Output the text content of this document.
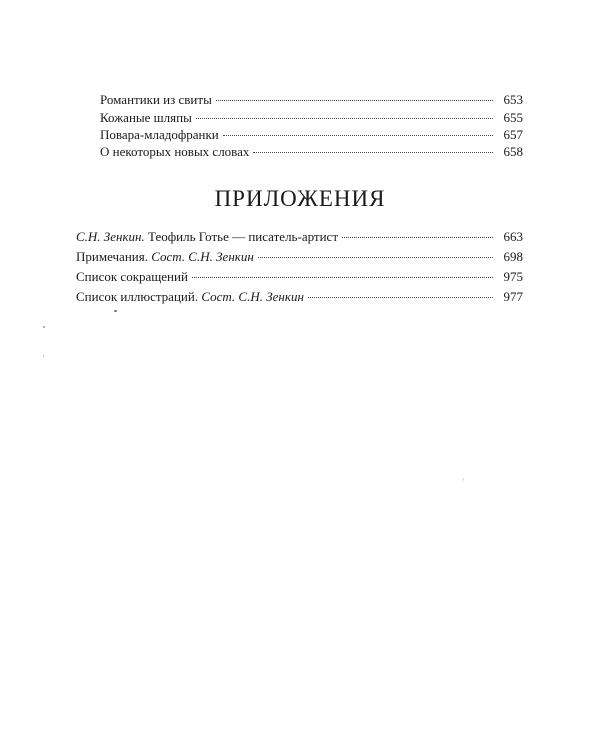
Романтики из свиты	653
Кожаные шляпы	655
Повара-младофранки	657
О некоторых новых словах	658
ПРИЛОЖЕНИЯ
С.Н. Зенкин. Теофиль Готье — писатель-артист	663
Примечания. Сост. С.Н. Зенкин	698
Список сокращений	975
Список иллюстраций. Сост. С.Н. Зенкин	977
